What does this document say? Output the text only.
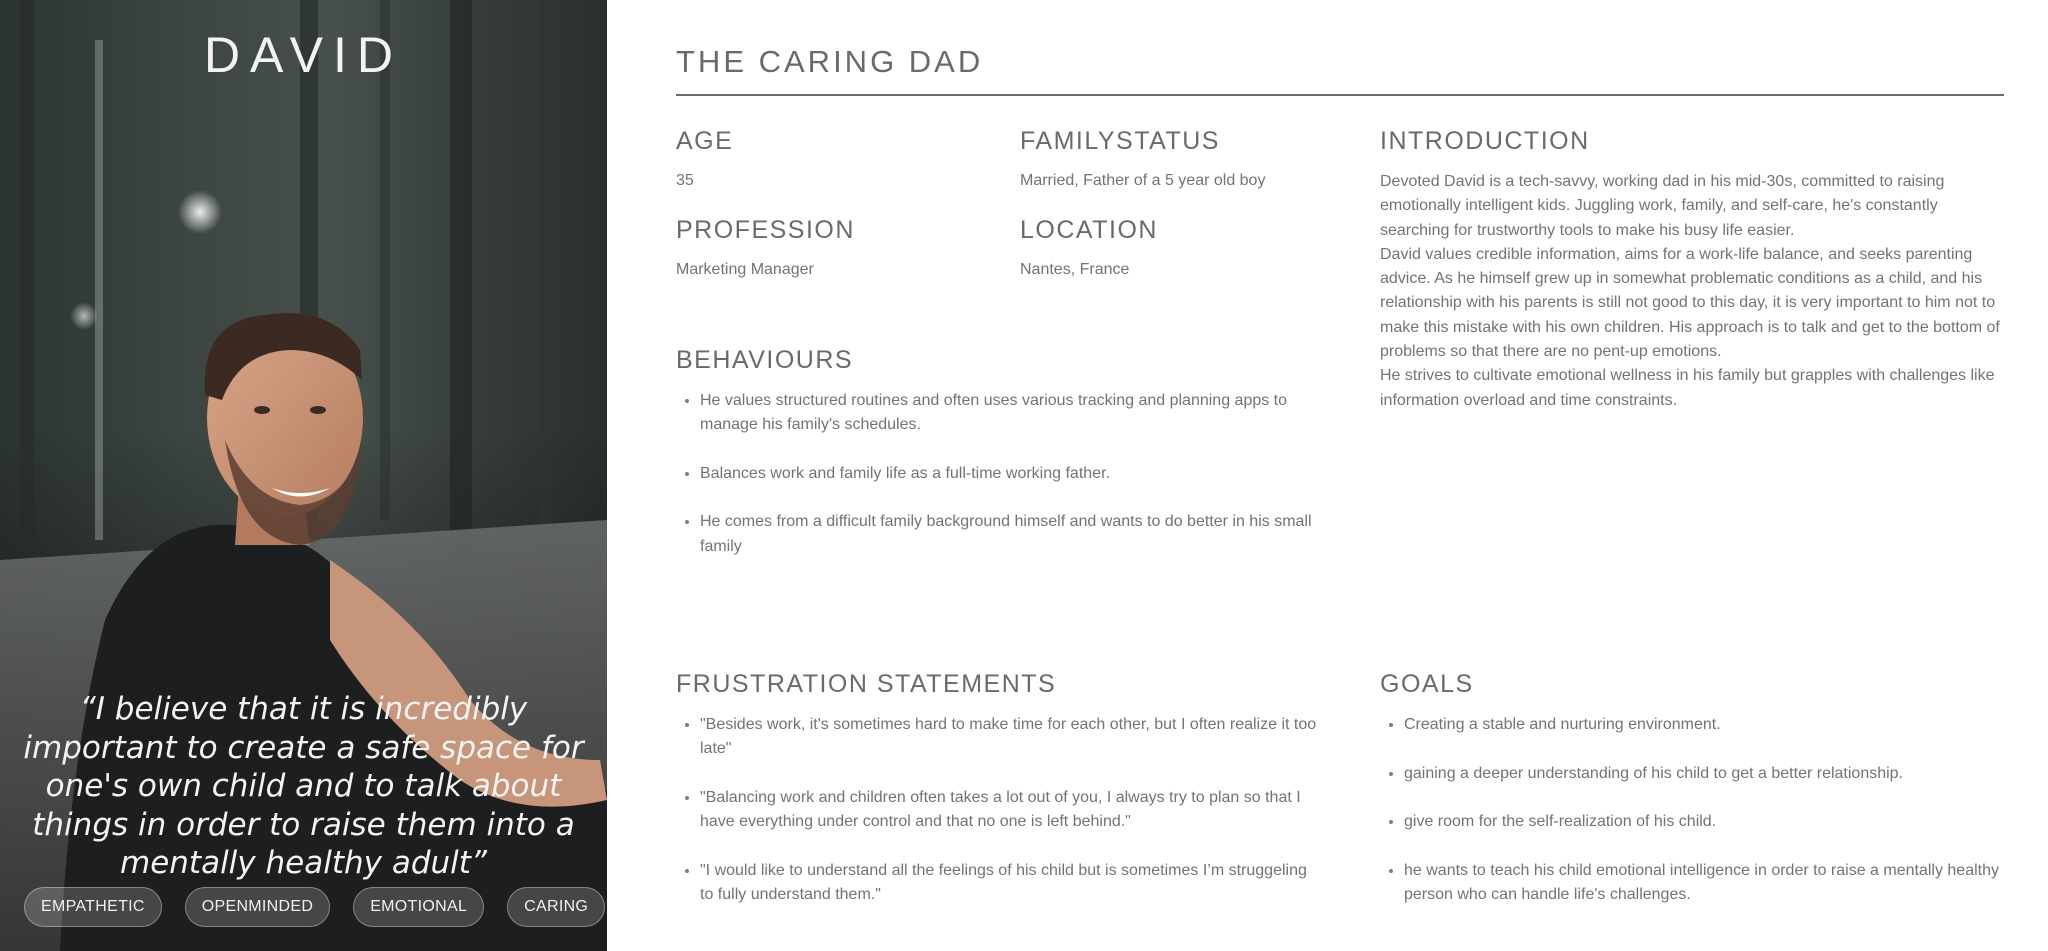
DAVID
“I believe that it is incredibly important to create a safe space for one's own child and to talk about things in order to raise them into a mentally healthy adult”
EMPATHETIC	OPENMINDED	EMOTIONAL	CARING
THE CARING DAD
AGE
35
FAMILYSTATUS
Married, Father of a 5 year old boy
PROFESSION
Marketing Manager
LOCATION
Nantes, France
INTRODUCTION

Devoted David is a tech-savvy, working dad in his mid-30s, committed to raising emotionally intelligent kids. Juggling work, family, and self-care, he's constantly searching for trustworthy tools to make his busy life easier.

David values credible information, aims for a work-life balance, and seeks parenting advice. As he himself grew up in somewhat problematic conditions as a child, and his relationship with his parents is still not good to this day, it is very important to him not to make this mistake with his own children. His approach is to talk and get to the bottom of problems so that there are no pent-up emotions.

He strives to cultivate emotional wellness in his family but grapples with challenges like information overload and time constraints.

BEHAVIOURS
• He values structured routines and often uses various tracking and planning apps to manage his family's schedules.
• Balances work and family life as a full-time working father.
• He comes from a difficult family background himself and wants to do better in his small family
FRUSTRATION STATEMENTS
• "Besides work, it's sometimes hard to make time for each other, but I often realize it too late"
• "Balancing work and children often takes a lot out of you, I always try to plan so that I have everything under control and that no one is left behind."
• "I would like to understand all the feelings of his child but is sometimes I’m struggeling to fully understand them."
GOALS
• Creating a stable and nurturing environment.
• gaining a deeper understanding of his child to get a better relationship.
• give room for the self-realization of his child.
• he wants to teach his child emotional intelligence in order to raise a mentally healthy person who can handle life's challenges.
